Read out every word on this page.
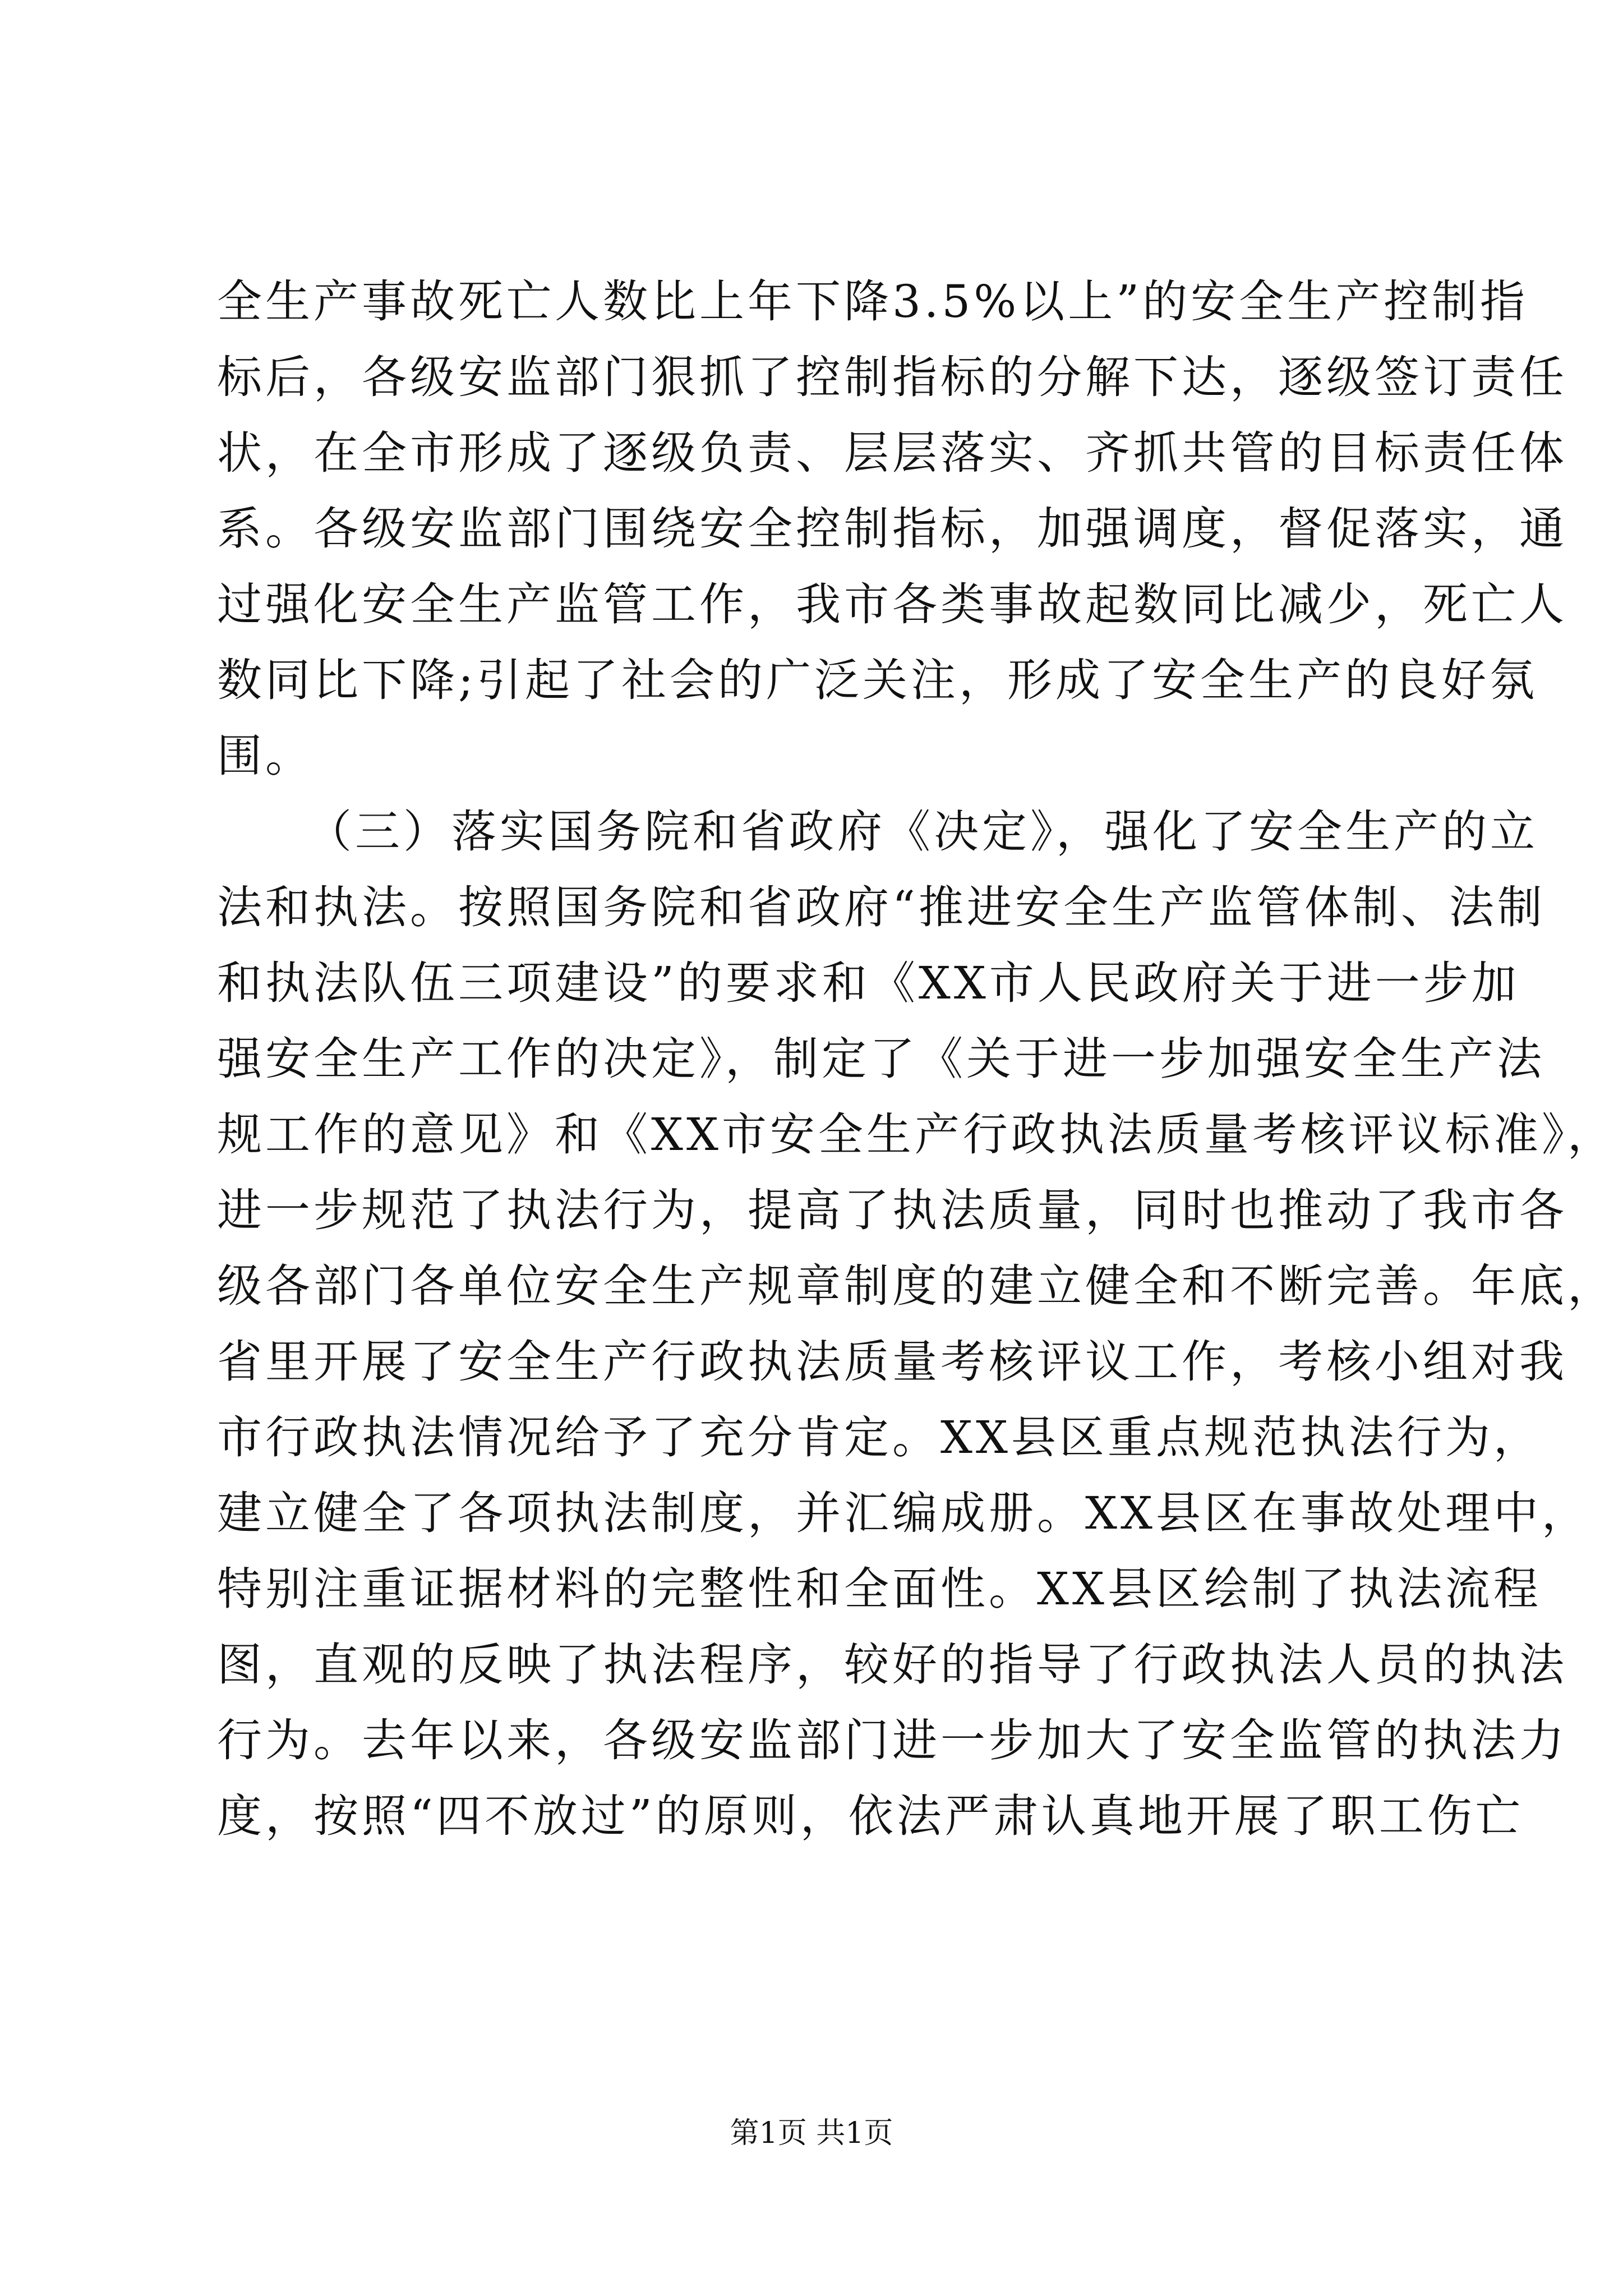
全生产事故死亡人数比上年下降3.5%以上”的安全生产控制指
标后，各级安监部门狠抓了控制指标的分解下达，逐级签订责任
状，在全市形成了逐级负责、层层落实、齐抓共管的目标责任体
系。各级安监部门围绕安全控制指标，加强调度，督促落实，通
过强化安全生产监管工作，我市各类事故起数同比减少，死亡人
数同比下降;引起了社会的广泛关注，形成了安全生产的良好氛
围。
（三）落实国务院和省政府《决定》，强化了安全生产的立
法和执法。按照国务院和省政府“推进安全生产监管体制、法制
和执法队伍三项建设”的要求和《XX市人民政府关于进一步加
强安全生产工作的决定》，制定了《关于进一步加强安全生产法
规工作的意见》和《XX市安全生产行政执法质量考核评议标准》，
进一步规范了执法行为，提高了执法质量，同时也推动了我市各
级各部门各单位安全生产规章制度的建立健全和不断完善。年底，
省里开展了安全生产行政执法质量考核评议工作，考核小组对我
市行政执法情况给予了充分肯定。XX县区重点规范执法行为，
建立健全了各项执法制度，并汇编成册。XX县区在事故处理中，
特别注重证据材料的完整性和全面性。XX县区绘制了执法流程
图，直观的反映了执法程序，较好的指导了行政执法人员的执法
行为。去年以来，各级安监部门进一步加大了安全监管的执法力
度，按照“四不放过”的原则，依法严肃认真地开展了职工伤亡
第1页 共1页
